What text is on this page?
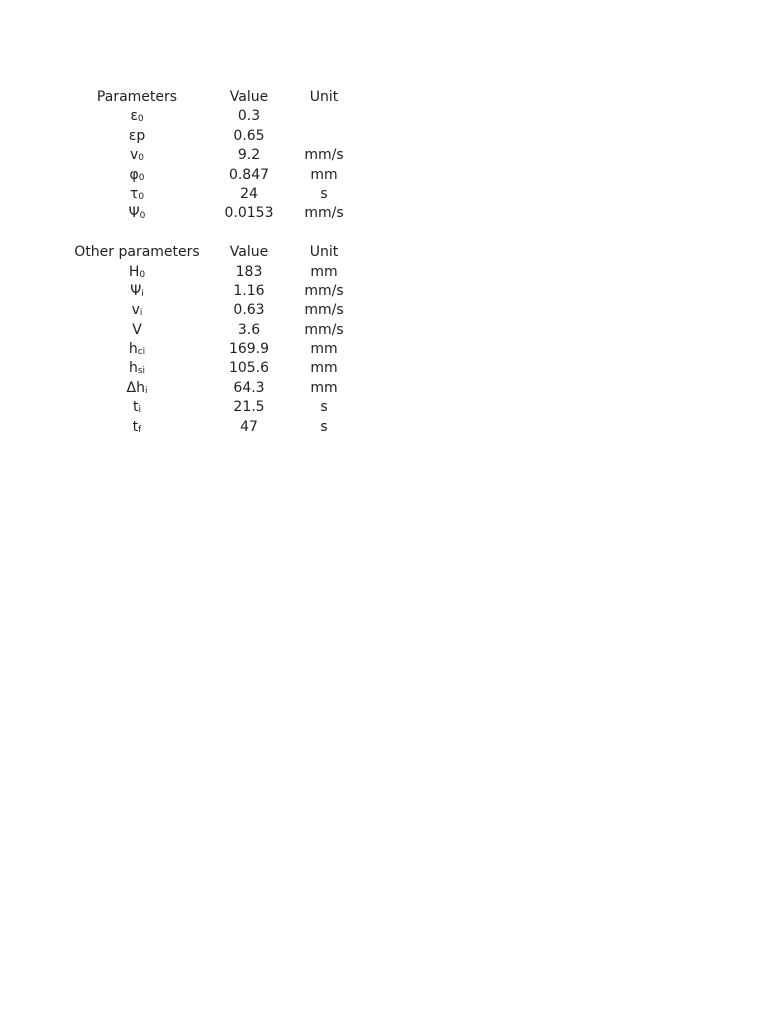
Parameters	Value	Unit
$\varepsilon_0$	0.3
εp	0.65
$v_0$	9.2	mm/s
$\varphi_0$	0.847	mm
$\tau_0$	24	s
$\Psi_0$	0.0153	mm/s
Other parameters	Value	Unit
$H_0$	183	mm
$\Psi_i$	1.16	mm/s
$v_i$	0.63	mm/s
V	3.6	mm/s
$h_{ci}$	169.9	mm
$h_{si}$	105.6	mm
$\Delta h_i$	64.3	mm
$t_i$	21.5	s
$t_f$	47	s
